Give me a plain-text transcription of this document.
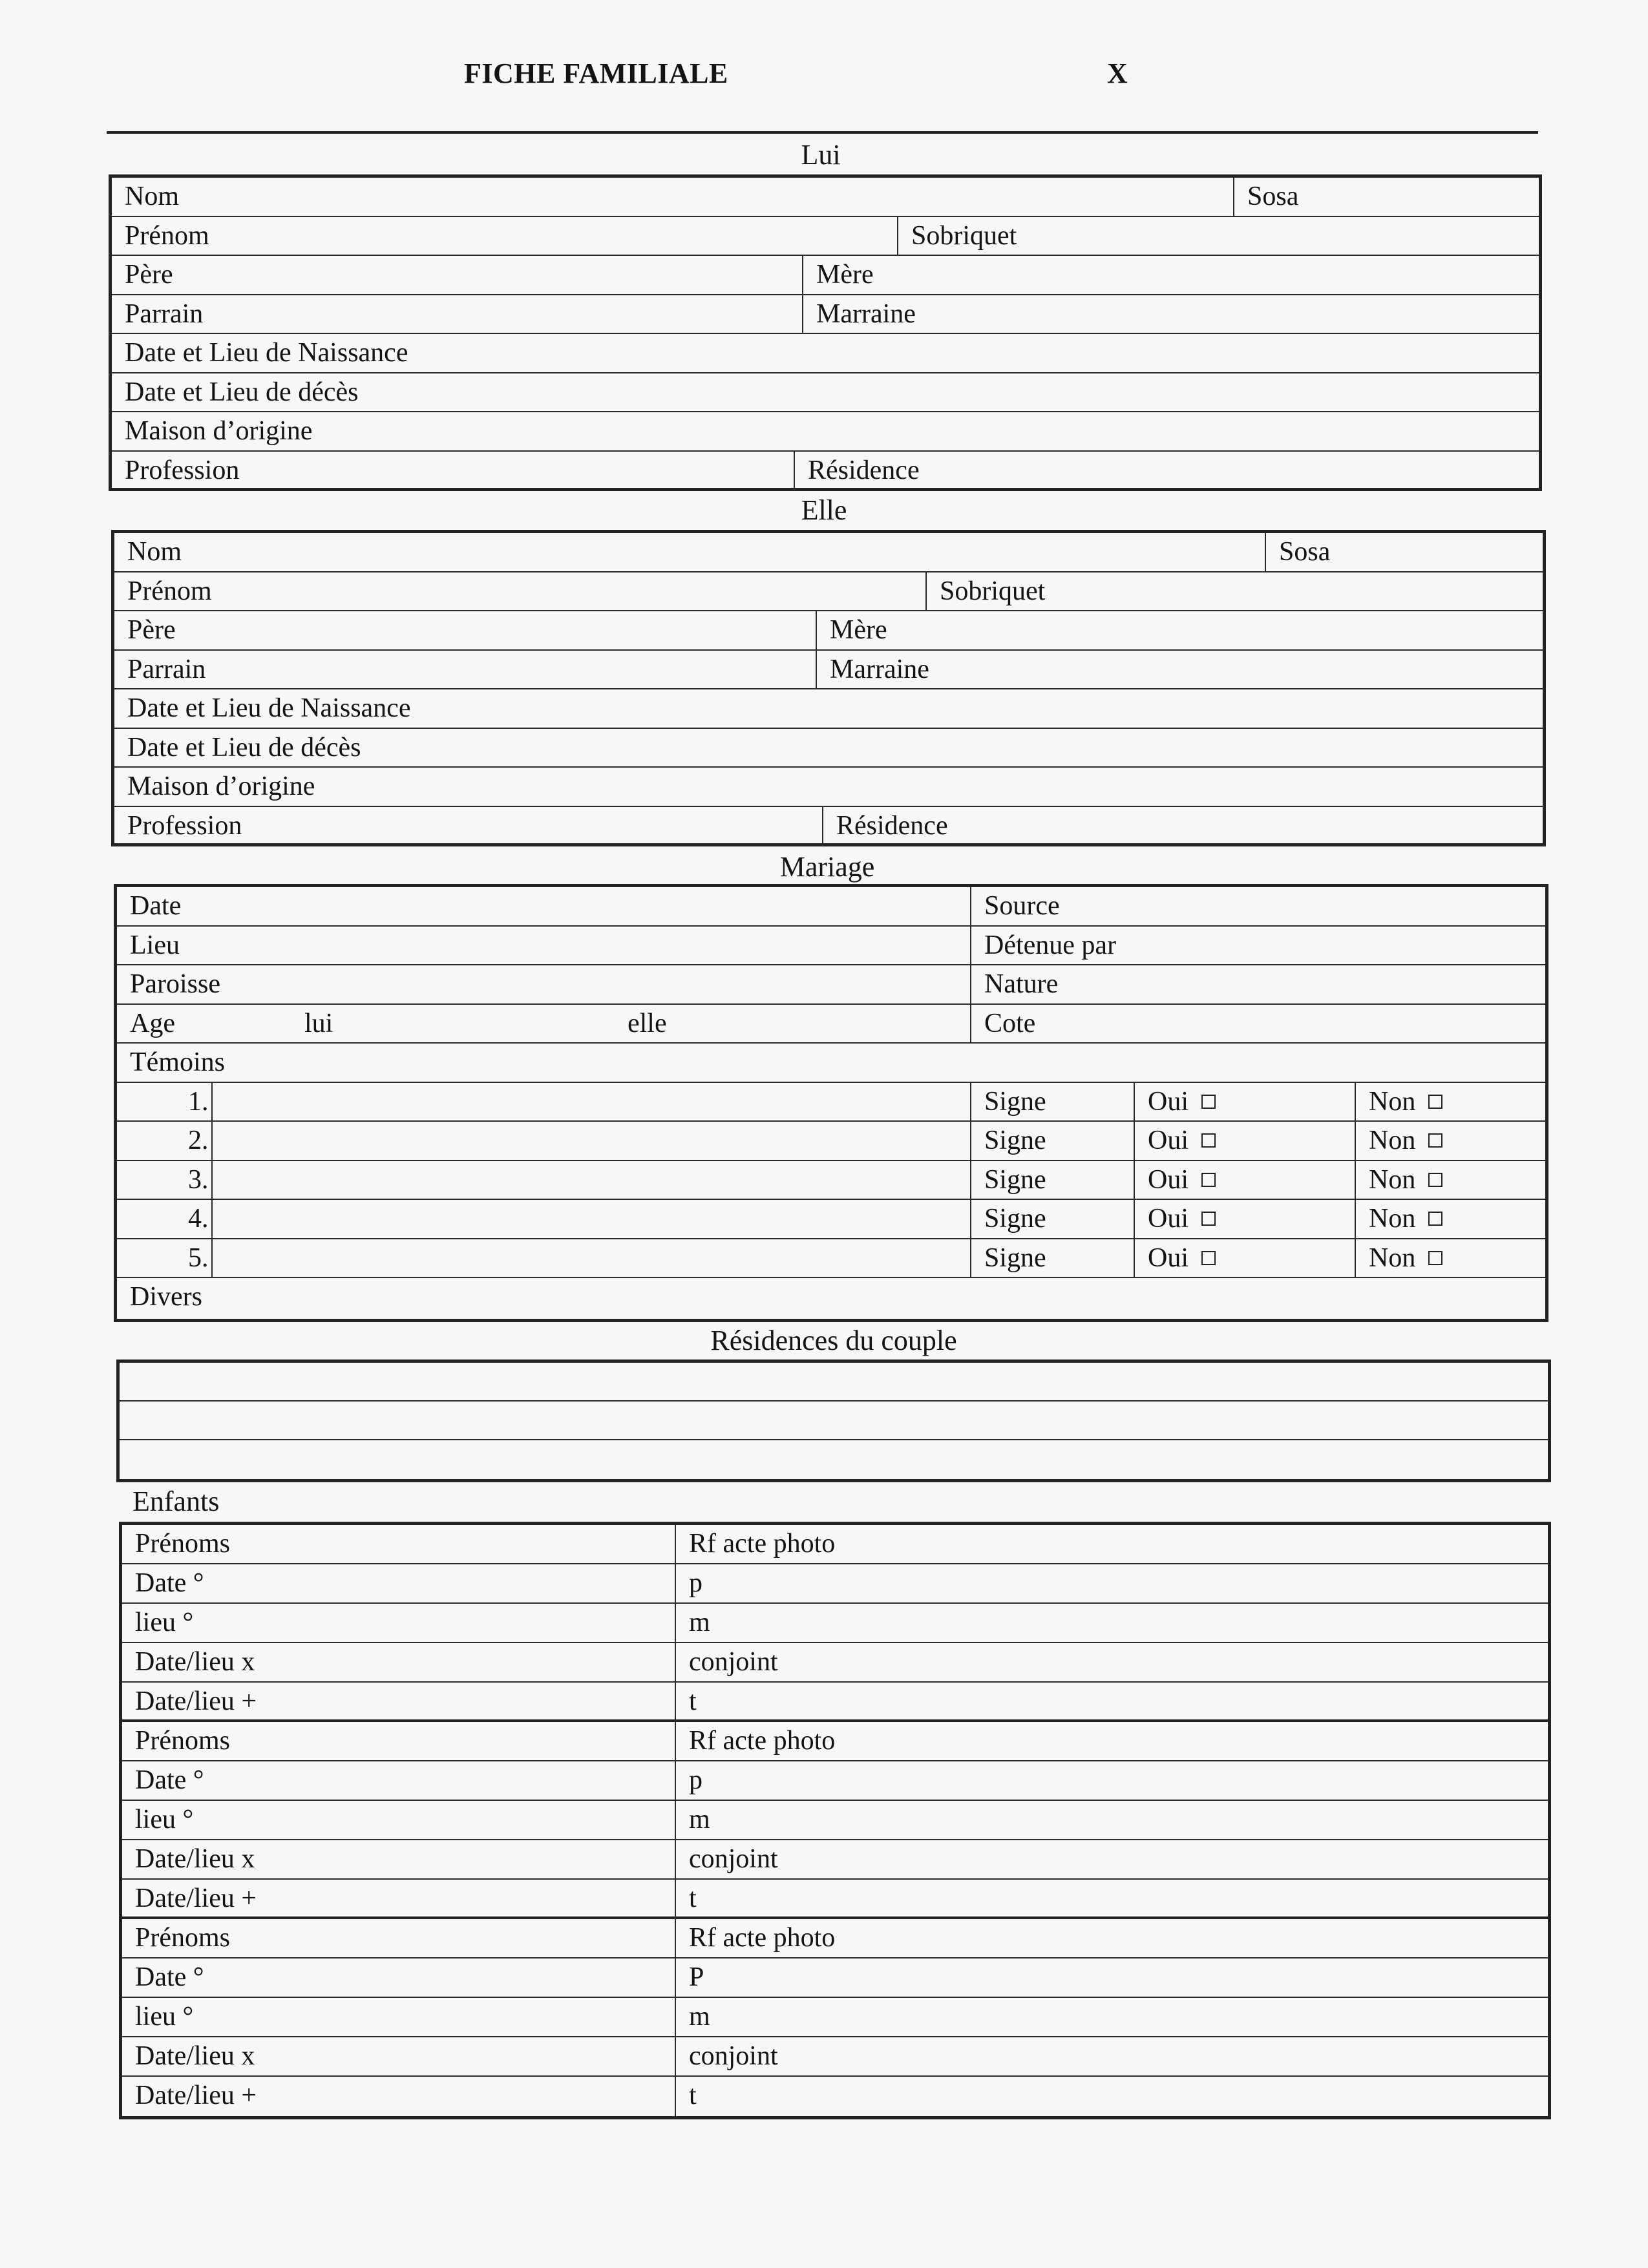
FICHE FAMILIALE	X
Lui
Nom	Sosa
Prénom	Sobriquet
Père	Mère
Parrain	Marraine
Date et Lieu de Naissance
Date et Lieu de décès
Maison d’origine
Profession	Résidence
Elle
Nom	Sosa
Prénom	Sobriquet
Père	Mère
Parrain	Marraine
Date et Lieu de Naissance
Date et Lieu de décès
Maison d’origine
Profession	Résidence
Mariage
Date	Source
Lieu	Détenue par
Paroisse	Nature
Age	lui	elle	Cote
Témoins
1.	Signe	Oui	Non
2.	Signe	Oui	Non
3.	Signe	Oui	Non
4.	Signe	Oui	Non
5.	Signe	Oui	Non
Divers
Résidences du couple
Enfants
Prénoms	Rf acte photo
Date °	p
lieu °	m
Date/lieu x	conjoint
Date/lieu +	t
Prénoms	Rf acte photo
Date °	p
lieu °	m
Date/lieu x	conjoint
Date/lieu +	t
Prénoms	Rf acte photo
Date °	P
lieu °	m
Date/lieu x	conjoint
Date/lieu +	t
